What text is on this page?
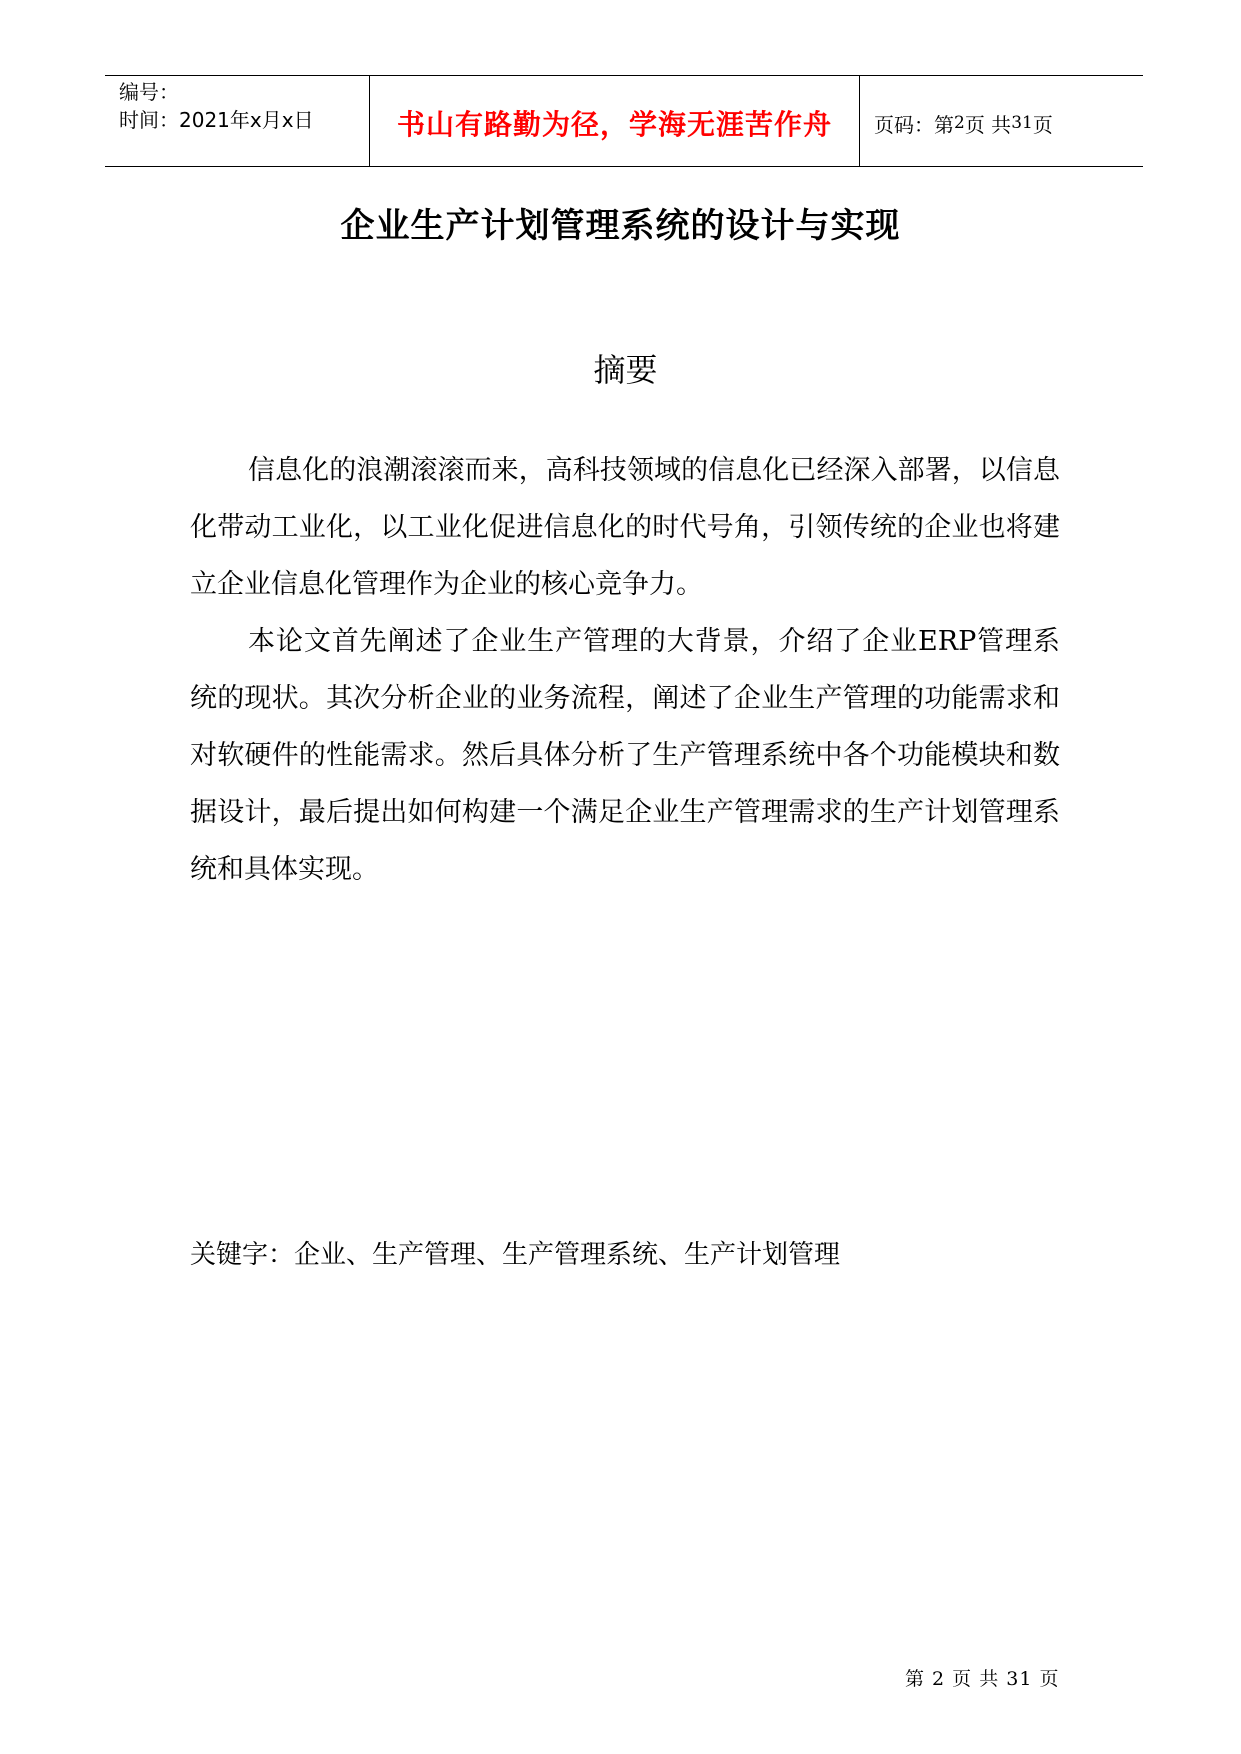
编号：
时间：2021年x月x日	书山有路勤为径，学海无涯苦作舟	页码：第 2 页 共 31 页
企业生产计划管理系统的设计与实现
摘要

信息化的浪潮滚滚而来，高科技领域的信息化已经深入部署，以信息化带动工业化，以工业化促进信息化的时代号角，引领传统的企业也将建立企业信息化管理作为企业的核心竞争力。

本论文首先阐述了企业生产管理的大背景，介绍了企业ERP管理系统的现状。其次分析企业的业务流程，阐述了企业生产管理的功能需求和对软硬件的性能需求。然后具体分析了生产管理系统中各个功能模块和数据设计，最后提出如何构建一个满足企业生产管理需求的生产计划管理系统和具体实现。

关键字：企业、生产管理、生产管理系统、生产计划管理
第 2 页 共 31 页
